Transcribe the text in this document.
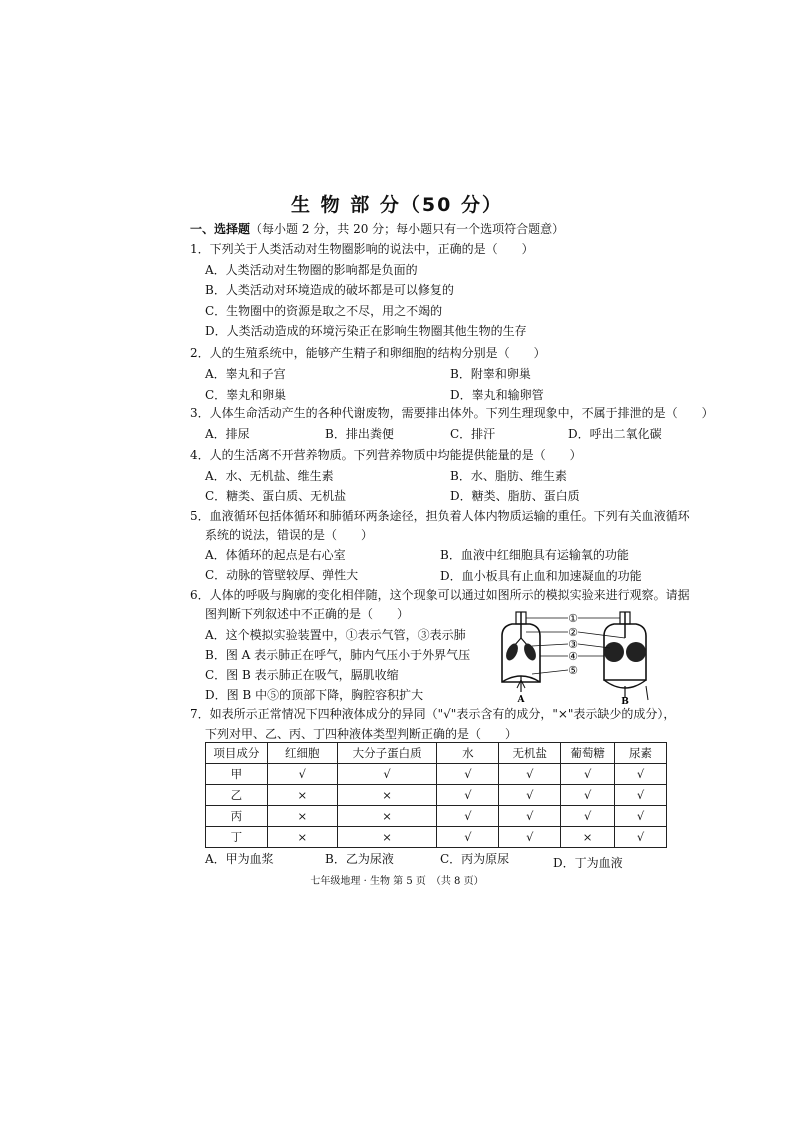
生 物 部 分（50 分）
一、选择题（每小题 2 分，共 20 分；每小题只有一个选项符合题意）
1．下列关于人类活动对生物圈影响的说法中，正确的是（　　）
A．人类活动对生物圈的影响都是负面的
B．人类活动对环境造成的破坏都是可以修复的
C．生物圈中的资源是取之不尽，用之不竭的
D．人类活动造成的环境污染正在影响生物圈其他生物的生存
2．人的生殖系统中，能够产生精子和卵细胞的结构分别是（　　）
A．睾丸和子宫	B．附睾和卵巢
C．睾丸和卵巢	D．睾丸和输卵管
3．人体生命活动产生的各种代谢废物，需要排出体外。下列生理现象中，不属于排泄的是（　　）
A．排尿	B．排出粪便	C．排汗	D．呼出二氧化碳
4．人的生活离不开营养物质。下列营养物质中均能提供能量的是（　　）
A．水、无机盐、维生素	B．水、脂肪、维生素
C．糖类、蛋白质、无机盐	D．糖类、脂肪、蛋白质
5．血液循环包括体循环和肺循环两条途径，担负着人体内物质运输的重任。下列有关血液循环
系统的说法，错误的是（　　）
A．体循环的起点是右心室	B．血液中红细胞具有运输氧的功能
C．动脉的管壁较厚、弹性大	D．血小板具有止血和加速凝血的功能
6．人体的呼吸与胸廓的变化相伴随，这个现象可以通过如图所示的模拟实验来进行观察。请据
图判断下列叙述中不正确的是（　　）
A．这个模拟实验装置中，①表示气管，③表示肺
B．图 A 表示肺正在呼气，肺内气压小于外界气压
C．图 B 表示肺正在吸气，膈肌收缩
D．图 B 中⑤的顶部下降，胸腔容积扩大
①
②
③
④
⑤
A	B
7．如表所示正常情况下四种液体成分的异同（"√"表示含有的成分，"×"表示缺少的成分），
下列对甲、乙、丙、丁四种液体类型判断正确的是（　　）
项目成分	红细胞	大分子蛋白质	水	无机盐	葡萄糖	尿素
甲	√	√	√	√	√	√
乙	×	×	√	√	√	√
丙	×	×	√	√	√	√
丁	×	×	√	√	×	√
A．甲为血浆	B．乙为尿液	C．丙为原尿	D．丁为血液
七年级地理 · 生物 第 5 页　（共 8 页）
